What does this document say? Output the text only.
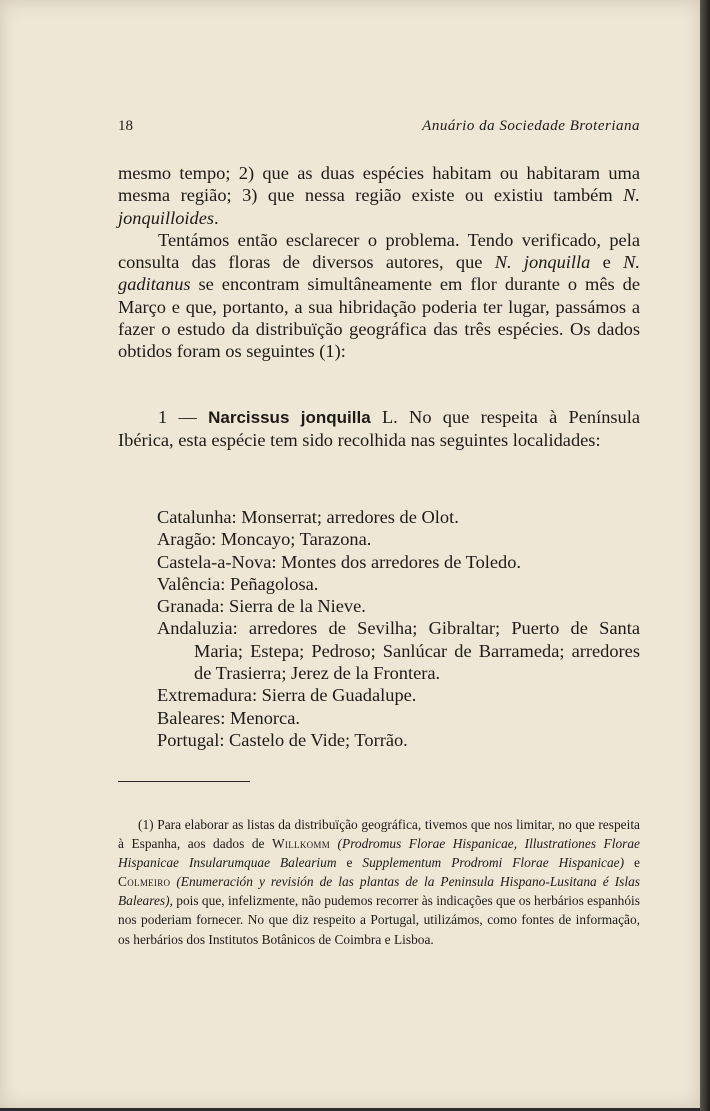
18	Anuário da Sociedade Broteriana

mesmo tempo; 2) que as duas espécies habitam ou habitaram uma mesma região; 3) que nessa região existe ou existiu também N. jonquilloides.

Tentámos então esclarecer o problema. Tendo verificado, pela consulta das floras de diversos autores, que N. jonquilla e N. gaditanus se encontram simultâneamente em flor durante o mês de Março e que, portanto, a sua hibridação poderia ter lugar, passámos a fazer o estudo da distribuïção geográfica das três espécies. Os dados obtidos foram os seguintes (1):

1 — Narcissus jonquilla L. No que respeita à Península Ibérica, esta espécie tem sido recolhida nas seguintes localidades:

Catalunha: Monserrat; arredores de Olot.
Aragão: Moncayo; Tarazona.
Castela-a-Nova: Montes dos arredores de Toledo.
Valência: Peñagolosa.
Granada: Sierra de la Nieve.
Andaluzia: arredores de Sevilha; Gibraltar; Puerto de Santa Maria; Estepa; Pedroso; Sanlúcar de Barrameda; arredores de Trasierra; Jerez de la Frontera.
Extremadura: Sierra de Guadalupe.
Baleares: Menorca.
Portugal: Castelo de Vide; Torrão.

(1) Para elaborar as listas da distribuïção geográfica, tivemos que nos limitar, no que respeita à Espanha, aos dados de Willkomm (Prodromus Florae Hispanicae, Illustrationes Florae Hispanicae Insularumquae Balearium e Supplementum Prodromi Florae Hispanicae) e Colmeiro (Enumeración y revisión de las plantas de la Peninsula Hispano-Lusitana é Islas Baleares), pois que, infelizmente, não pudemos recorrer às indicações que os herbários espanhóis nos poderiam fornecer. No que diz respeito a Portugal, utilizámos, como fontes de informação, os herbários dos Institutos Botânicos de Coimbra e Lisboa.
